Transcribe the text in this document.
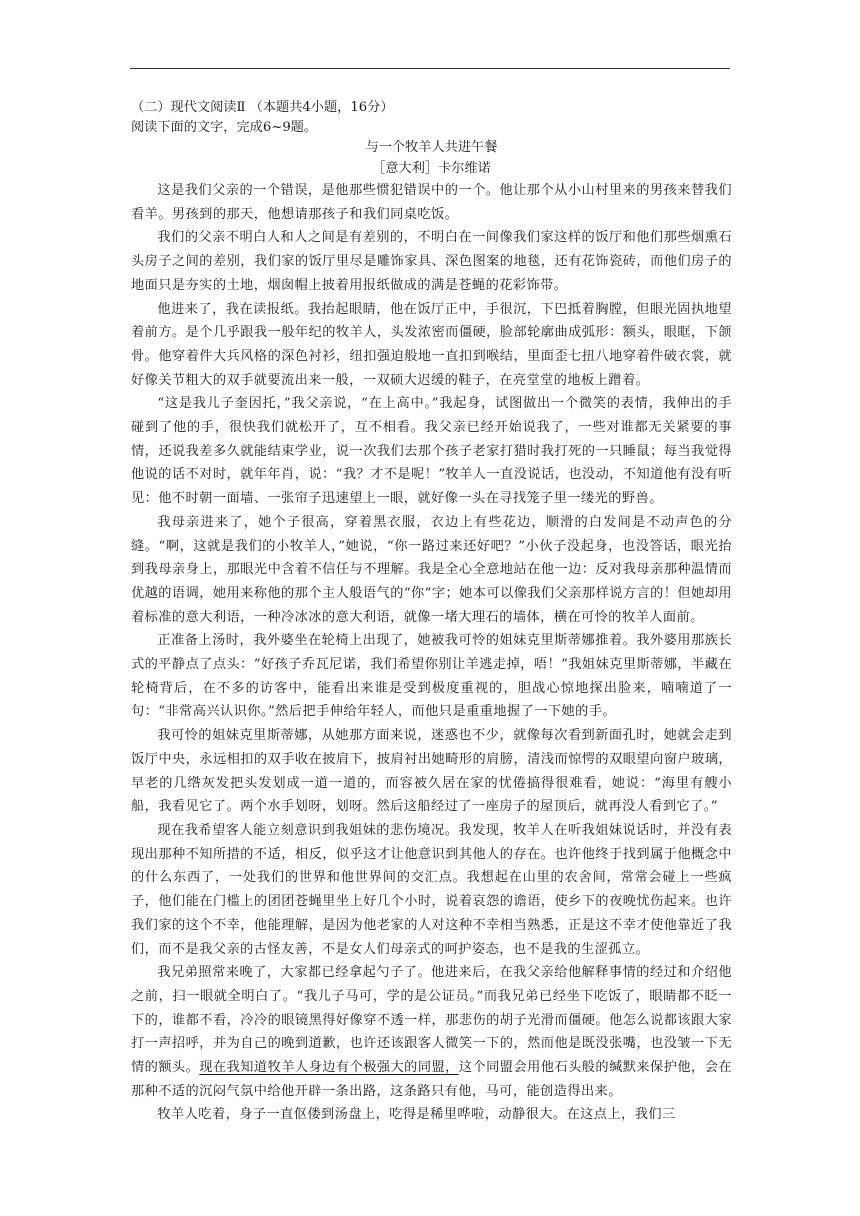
（二）现代文阅读Ⅱ （本题共4小题，16分）
阅读下面的文字，完成6~9题。
与一个牧羊人共进午餐
［意大利］卡尔维诺

这是我们父亲的一个错误，是他那些惯犯错误中的一个。他让那个从小山村里来的男孩来替我们看羊。男孩到的那天，他想请那孩子和我们同桌吃饭。

我们的父亲不明白人和人之间是有差别的，不明白在一间像我们家这样的饭厅和他们那些烟熏石头房子之间的差别，我们家的饭厅里尽是雕饰家具、深色图案的地毯，还有花饰瓷砖，而他们房子的地面只是夯实的土地，烟囱帽上披着用报纸做成的满是苍蝇的花彩饰带。

他进来了，我在读报纸。我抬起眼睛，他在饭厅正中，手很沉，下巴抵着胸膛，但眼光固执地望着前方。是个几乎跟我一般年纪的牧羊人，头发浓密而僵硬，脸部轮廓曲成弧形：额头，眼眶，下颌骨。他穿着件大兵风格的深色衬衫，纽扣强迫般地一直扣到喉结，里面歪七扭八地穿着件破衣裳，就好像关节粗大的双手就要流出来一般，一双硕大迟缓的鞋子，在亮堂堂的地板上蹭着。

“这是我儿子奎因托，”我父亲说，“在上高中。”我起身，试图做出一个微笑的表情，我伸出的手碰到了他的手，很快我们就松开了，互不相看。我父亲已经开始说我了，一些对谁都无关紧要的事情，还说我差多久就能结束学业，说一次我们去那个孩子老家打猎时我打死的一只睡鼠；每当我觉得他说的话不对时，就年年肖，说：“我？才不是呢！”牧羊人一直没说话，也没动，不知道他有没有听见：他不时朝一面墙、一张帘子迅速望上一眼，就好像一头在寻找笼子里一缕光的野兽。

我母亲进来了，她个子很高，穿着黑衣服，衣边上有些花边，顺滑的白发间是不动声色的分缝。“啊，这就是我们的小牧羊人，”她说，“你一路过来还好吧？”小伙子没起身，也没答话，眼光抬到我母亲身上，那眼光中含着不信任与不理解。我是全心全意地站在他一边：反对我母亲那种温情而优越的语调，她用来称他的那个主人般语气的“你”字；她本可以像我们父亲那样说方言的！但她却用着标准的意大利语，一种冷冰冰的意大利语，就像一堵大理石的墙体，横在可怜的牧羊人面前。

正准备上汤时，我外婆坐在轮椅上出现了，她被我可怜的姐妹克里斯蒂娜推着。我外婆用那族长式的平静点了点头：“好孩子乔瓦尼诺，我们希望你别让羊逃走掉，唔！”我姐妹克里斯蒂娜，半藏在轮椅背后，在不多的访客中，能看出来谁是受到极度重视的，胆战心惊地探出脸来，喃喃道了一句：“非常高兴认识你。”然后把手伸给年轻人，而他只是重重地握了一下她的手。

我可怜的姐妹克里斯蒂娜，从她那方面来说，迷惑也不少，就像每次看到新面孔时，她就会走到饭厅中央，永远相扣的双手收在披肩下，披肩衬出她畸形的肩膀，清浅而惊愕的双眼望向窗户玻璃，早老的几绺灰发把头发划成一道一道的，而容被久居在家的忧倦搞得很难看，她说：“海里有艘小船，我看见它了。两个水手划呀，划呀。然后这船经过了一座房子的屋顶后，就再没人看到它了。”

现在我希望客人能立刻意识到我姐妹的悲伤境况。我发现，牧羊人在听我姐妹说话时，并没有表现出那种不知所措的不适，相反，似乎这才让他意识到其他人的存在。也许他终于找到属于他概念中的什么东西了，一处我们的世界和他世界间的交汇点。我想起在山里的农舍间，常常会碰上一些疯子，他们能在门槛上的团团苍蝇里坐上好几个小时，说着哀怨的谵语，使乡下的夜晚忧伤起来。也许我们家的这个不幸，他能理解，是因为他老家的人对这种不幸相当熟悉，正是这不幸才使他靠近了我们，而不是我父亲的古怪友善，不是女人们母亲式的呵护姿态，也不是我的生涩孤立。

我兄弟照常来晚了，大家都已经拿起勺子了。他进来后，在我父亲给他解释事情的经过和介绍他之前，扫一眼就全明白了。“我儿子马可，学的是公证员。”而我兄弟已经坐下吃饭了，眼睛都不眨一下的，谁都不看，冷冷的眼镜黑得好像穿不透一样，那悲伤的胡子光滑而僵硬。他怎么说都该跟大家打一声招呼，并为自己的晚到道歉，也许还该跟客人微笑一下的，然而他是既没张嘴，也没皱一下无情的额头。现在我知道牧羊人身边有个极强大的同盟，这个同盟会用他石头般的缄默来保护他，会在那种不适的沉闷气氛中给他开辟一条出路，这条路只有他，马可，能创造得出来。

牧羊人吃着，身子一直伛偻到汤盘上，吃得是稀里哗啦，动静很大。在这点上，我们三
